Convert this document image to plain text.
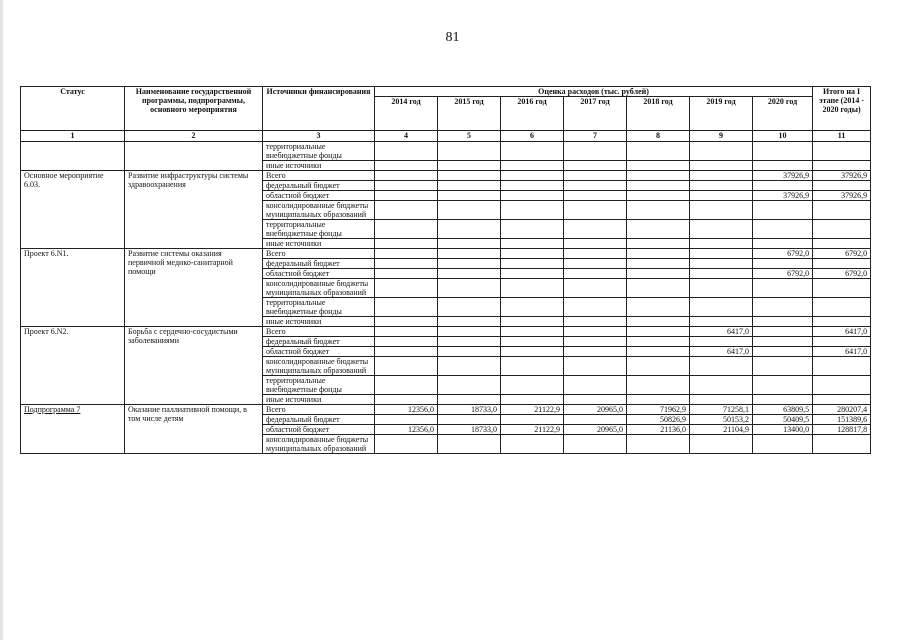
81
Статус	Наименование государственной программы, подпрограммы, основного мероприятия	Источники финансирования	Оценка расходов (тыс. рублей)							Итого на I этапе (2014 - 2020 годы)
			2014 год	2015 год	2016 год	2017 год	2018 год	2019 год	2020 год	
1	2	3	4	5	6	7	8	9	10	11
		территориальные внебюджетные фонды								
		иные источники								
Основное мероприятие 6.03.	Развитие инфраструктуры системы здравоохранения	Всего							37926,9	37926,9
		федеральный бюджет								
		областной бюджет							37926,9	37926,9
		консолидированные бюджеты муниципальных образований								
		территориальные внебюджетные фонды								
		иные источники								
Проект 6.N1.	Развитие системы оказания первичной медико-санитарной помощи	Всего							6792,0	6792,0
		федеральный бюджет								
		областной бюджет							6792,0	6792,0
		консолидированные бюджеты муниципальных образований								
		территориальные внебюджетные фонды								
		иные источники								
Проект 6.N2.	Борьба с сердечно-сосудистыми заболеваниями	Всего						6417,0		6417,0
		федеральный бюджет								
		областной бюджет						6417,0		6417,0
		консолидированные бюджеты муниципальных образований								
		территориальные внебюджетные фонды								
		иные источники								
Подпрограмма 7	Оказание паллиативной помощи, в том числе детям	Всего	12356,0	18733,0	21122,9	20965,0	71962,9	71258,1	63809,5	280207,4
		федеральный бюджет					50826,9	50153,2	50409,5	151389,6
		областной бюджет	12356,0	18733,0	21122,9	20965,0	21136,0	21104,9	13400,0	128817,8
		консолидированные бюджеты муниципальных образований								
